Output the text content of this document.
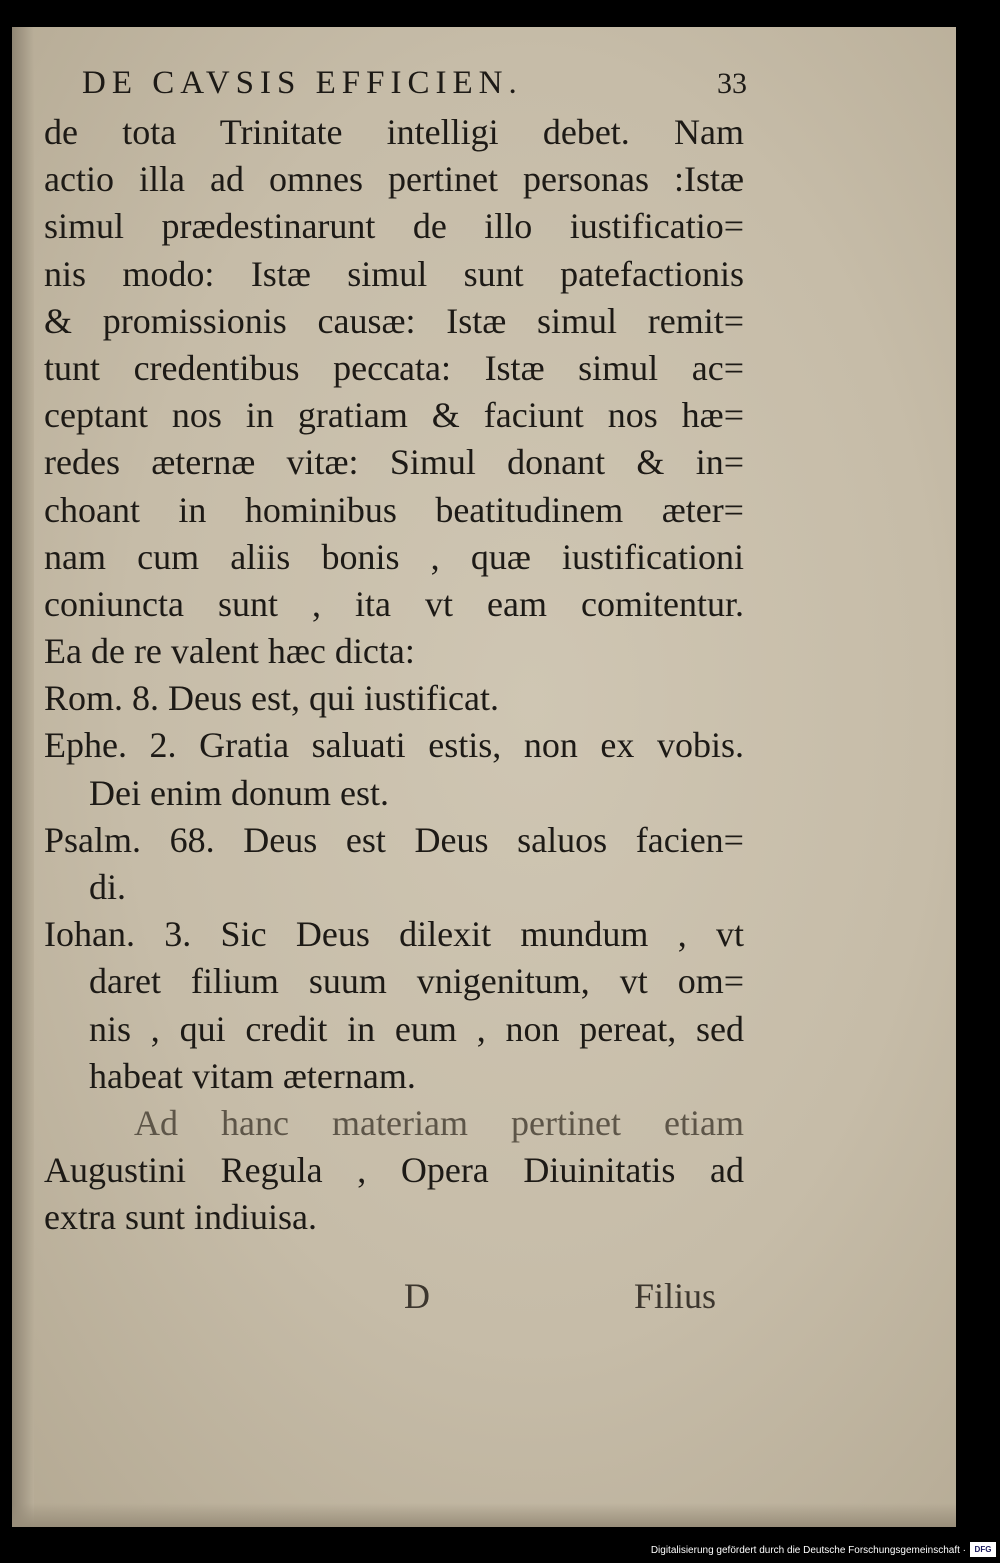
DE CAVSIS EFFICIEN.	33
de tota Trinitate intelligi debet. Nam
actio illa ad omnes pertinet personas :Istæ
simul prædestinarunt de illo iustificatio=
nis modo: Istæ simul sunt patefactionis
& promissionis causæ: Istæ simul remit=
tunt credentibus peccata: Istæ simul ac=
ceptant nos in gratiam & faciunt nos hæ=
redes æternæ vitæ: Simul donant & in=
choant in hominibus beatitudinem æter=
nam cum aliis bonis , quæ iustificationi
coniuncta sunt , ita vt eam comitentur.
Ea de re valent hæc dicta:
Rom. 8. Deus est, qui iustificat.
Ephe. 2. Gratia saluati estis, non ex vobis.
Dei enim donum est.
Psalm. 68. Deus est Deus saluos facien=
di.
Iohan. 3. Sic Deus dilexit mundum , vt
daret filium suum vnigenitum, vt om=
nis , qui credit in eum , non pereat, sed
habeat vitam æternam.
Ad hanc materiam pertinet etiam
Augustini Regula , Opera Diuinitatis ad
extra sunt indiuisa.
D	Filius
Digitalisierung gefördert durch die Deutsche Forschungsgemeinschaft ·	DFG
